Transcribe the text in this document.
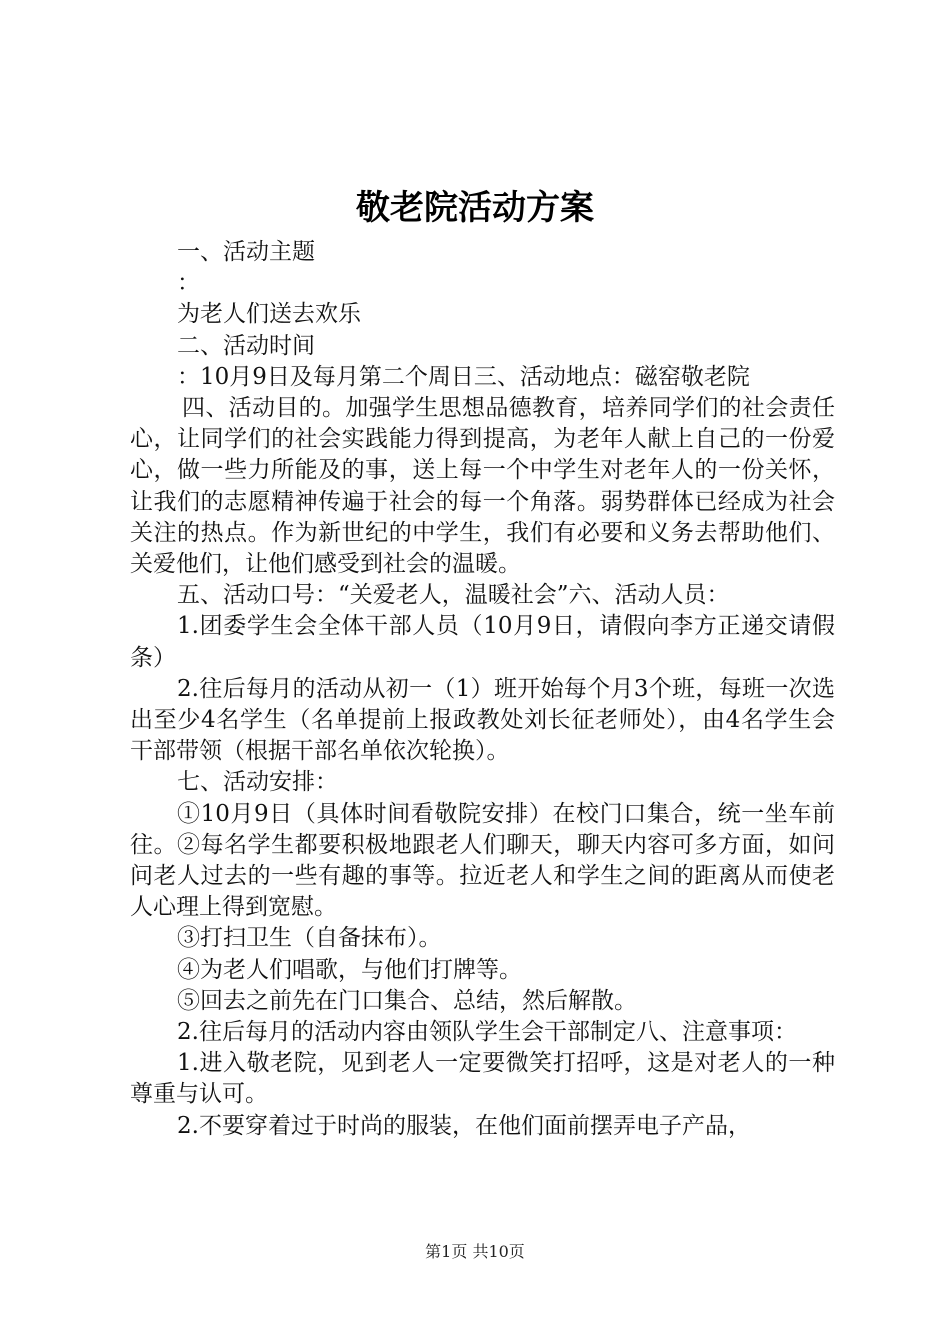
敬老院活动方案

一、活动主题

：

为老人们送去欢乐

二、活动时间

：10月9日及每月第二个周日三、活动地点：磁窑敬老院

四、活动目的。加强学生思想品德教育，培养同学们的社会责任心，让同学们的社会实践能力得到提高，为老年人献上自己的一份爱心，做一些力所能及的事，送上每一个中学生对老年人的一份关怀，让我们的志愿精神传遍于社会的每一个角落。弱势群体已经成为社会关注的热点。作为新世纪的中学生，我们有必要和义务去帮助他们、关爱他们，让他们感受到社会的温暖。

五、活动口号：“关爱老人，温暖社会”六、活动人员：

1.团委学生会全体干部人员（10月9日，请假向李方正递交请假条）

2.往后每月的活动从初一（1）班开始每个月3个班，每班一次选出至少4名学生（名单提前上报政教处刘长征老师处），由4名学生会干部带领（根据干部名单依次轮换）。

七、活动安排：

①10月9日（具体时间看敬院安排）在校门口集合，统一坐车前往。②每名学生都要积极地跟老人们聊天，聊天内容可多方面，如问问老人过去的一些有趣的事等。拉近老人和学生之间的距离从而使老人心理上得到宽慰。

③打扫卫生（自备抹布）。

④为老人们唱歌，与他们打牌等。

⑤回去之前先在门口集合、总结，然后解散。

2.往后每月的活动内容由领队学生会干部制定八、注意事项：

1.进入敬老院，见到老人一定要微笑打招呼，这是对老人的一种尊重与认可。

2.不要穿着过于时尚的服装，在他们面前摆弄电子产品，

第1页 共10页
